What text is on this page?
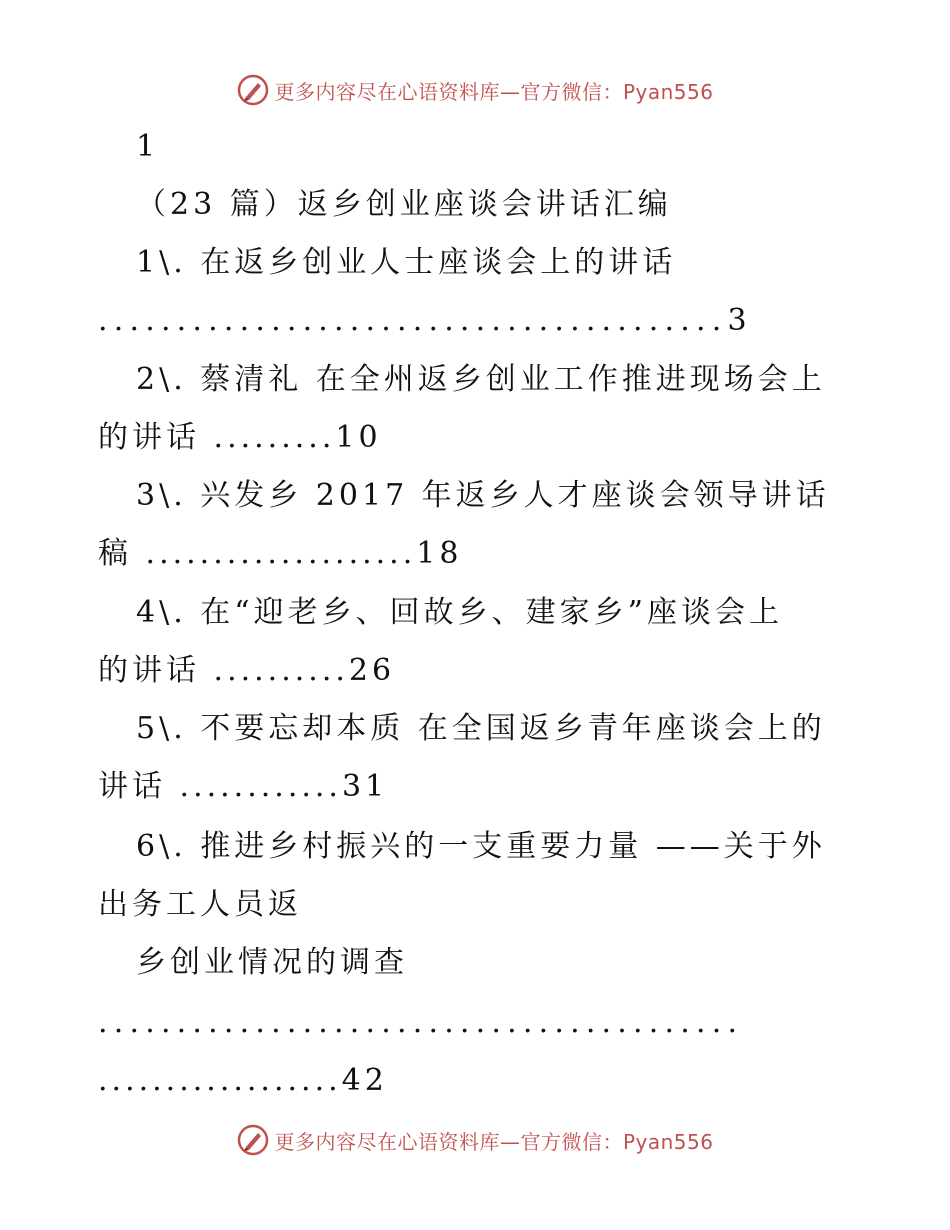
更多内容尽在心语资料库—官方微信：Pyan556
1
（23 篇）返乡创业座谈会讲话汇编
1\. 在返乡创业人士座谈会上的讲话
........................................3
2\. 蔡清礼 在全州返乡创业工作推进现场会上
的讲话 .........10
3\. 兴发乡 2017 年返乡人才座谈会领导讲话
稿 ....................18
4\. 在“迎老乡、回故乡、建家乡”座谈会上
的讲话 ..........26
5\. 不要忘却本质 在全国返乡青年座谈会上的
讲话 ............31
6\. 推进乡村振兴的一支重要力量 ——关于外
出务工人员返
乡创业情况的调查
.........................................
..................42
更多内容尽在心语资料库—官方微信：Pyan556
